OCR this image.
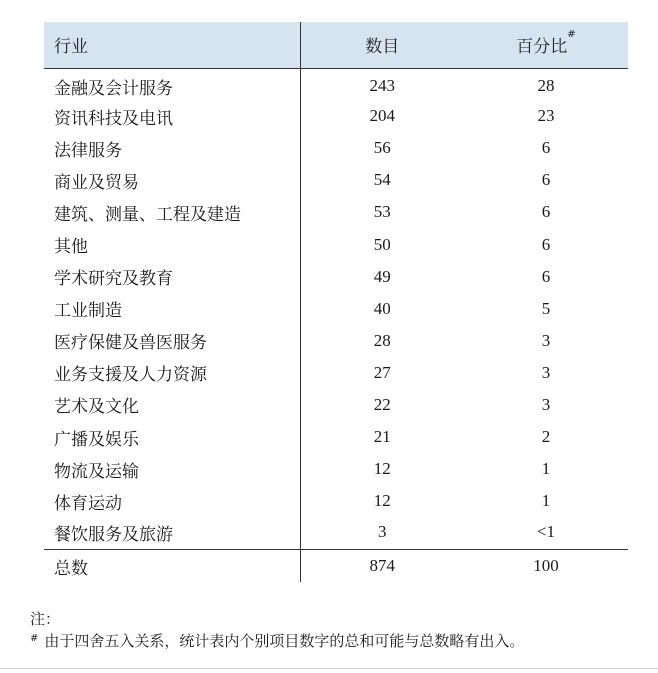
行业	数目	百分比#
金融及会计服务	243	28
资讯科技及电讯	204	23
法律服务	56	6
商业及贸易	54	6
建筑、测量、工程及建造	53	6
其他	50	6
学术研究及教育	49	6
工业制造	40	5
医疗保健及兽医服务	28	3
业务支援及人力资源	27	3
艺术及文化	22	3
广播及娱乐	21	2
物流及运输	12	1
体育运动	12	1
餐饮服务及旅游	3	<1
总数	874	100
注：
# 由于四舍五入关系，统计表内个别项目数字的总和可能与总数略有出入。
